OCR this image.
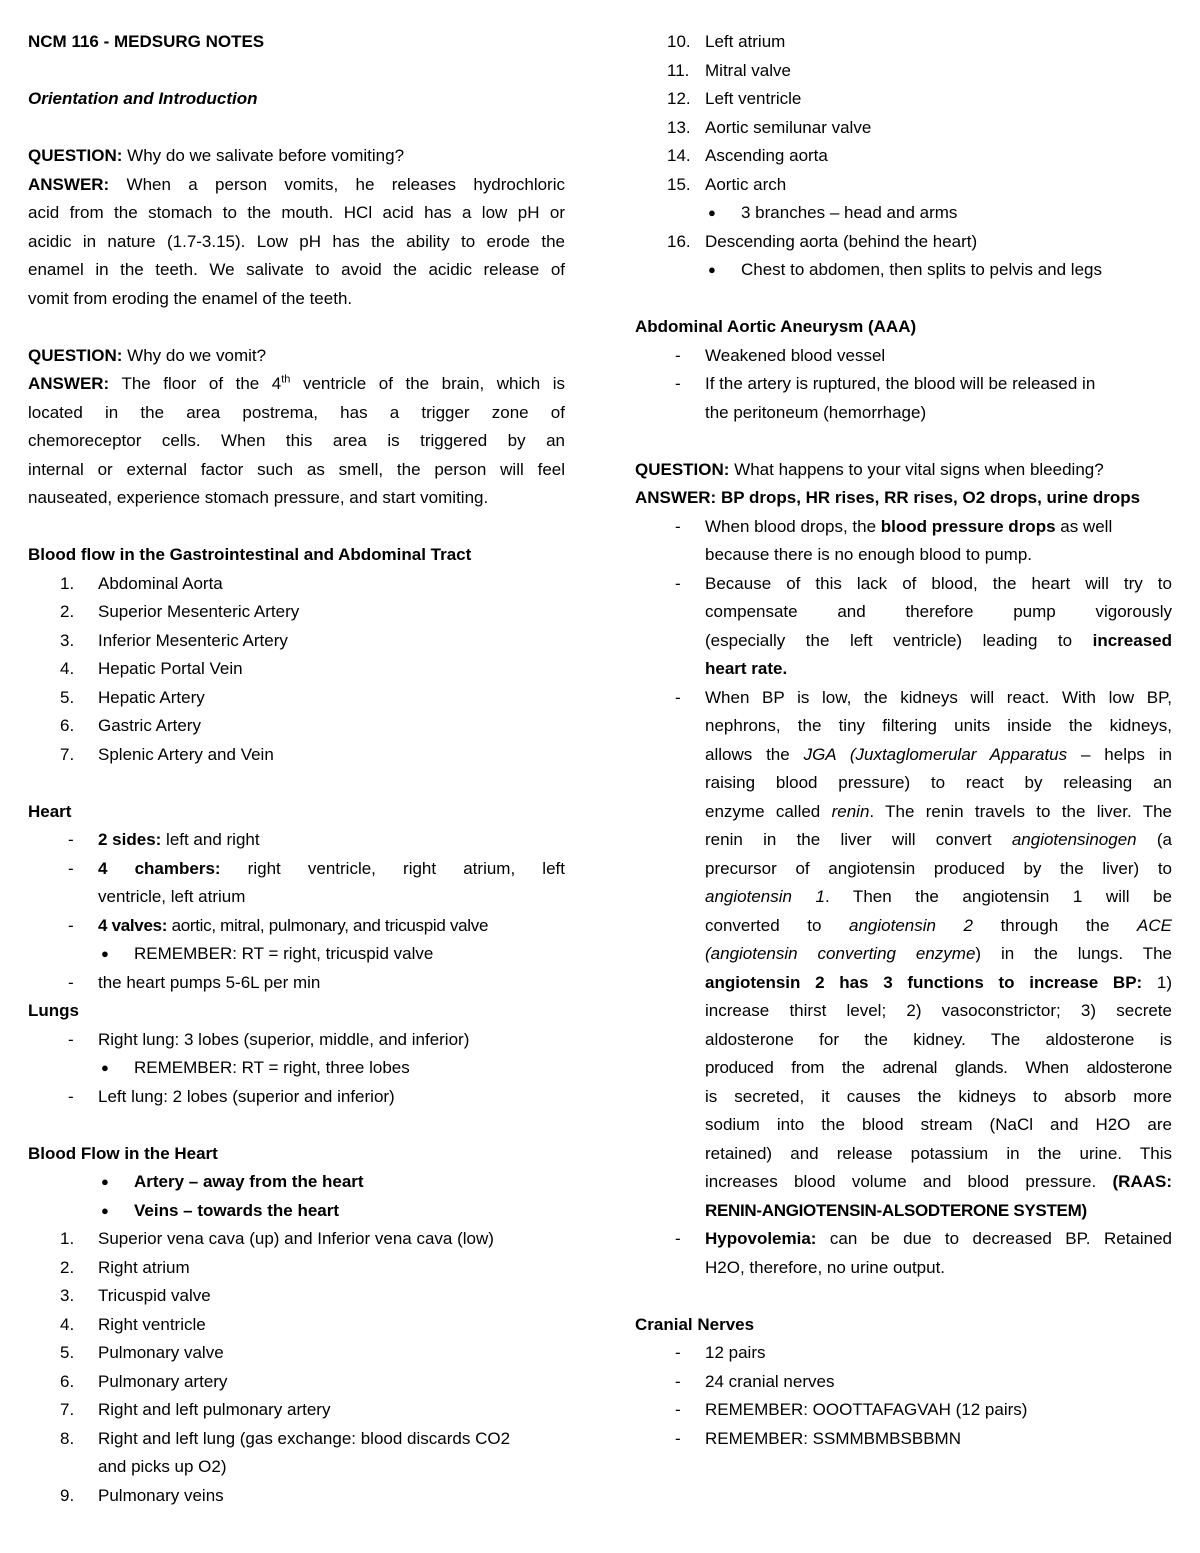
NCM 116 - MEDSURG NOTES
Orientation and Introduction
QUESTION: Why do we salivate before vomiting?
ANSWER: When a person vomits, he releases hydrochloric
acid from the stomach to the mouth. HCl acid has a low pH or
acidic in nature (1.7-3.15). Low pH has the ability to erode the
enamel in the teeth. We salivate to avoid the acidic release of
vomit from eroding the enamel of the teeth.
QUESTION: Why do we vomit?
ANSWER: The floor of the 4th ventricle of the brain, which is
located in the area postrema, has a trigger zone of
chemoreceptor cells. When this area is triggered by an
internal or external factor such as smell, the person will feel
nauseated, experience stomach pressure, and start vomiting.
Blood flow in the Gastrointestinal and Abdominal Tract
1. Abdominal Aorta
2. Superior Mesenteric Artery
3. Inferior Mesenteric Artery
4. Hepatic Portal Vein
5. Hepatic Artery
6. Gastric Artery
7. Splenic Artery and Vein
Heart
- 2 sides: left and right
- 4 chambers: right ventricle, right atrium, left
ventricle, left atrium
- 4 valves: aortic, mitral, pulmonary, and tricuspid valve
● REMEMBER: RT = right, tricuspid valve
- the heart pumps 5-6L per min
Lungs
- Right lung: 3 lobes (superior, middle, and inferior)
● REMEMBER: RT = right, three lobes
- Left lung: 2 lobes (superior and inferior)
Blood Flow in the Heart
● Artery – away from the heart
● Veins – towards the heart
1. Superior vena cava (up) and Inferior vena cava (low)
2. Right atrium
3. Tricuspid valve
4. Right ventricle
5. Pulmonary valve
6. Pulmonary artery
7. Right and left pulmonary artery
8. Right and left lung (gas exchange: blood discards CO2
and picks up O2)
9. Pulmonary veins
10. Left atrium
11. Mitral valve
12. Left ventricle
13. Aortic semilunar valve
14. Ascending aorta
15. Aortic arch
● 3 branches – head and arms
16. Descending aorta (behind the heart)
● Chest to abdomen, then splits to pelvis and legs
Abdominal Aortic Aneurysm (AAA)
- Weakened blood vessel
- If the artery is ruptured, the blood will be released in
the peritoneum (hemorrhage)
QUESTION: What happens to your vital signs when bleeding?
ANSWER: BP drops, HR rises, RR rises, O2 drops, urine drops
- When blood drops, the blood pressure drops as well
because there is no enough blood to pump.
- Because of this lack of blood, the heart will try to
compensate and therefore pump vigorously
(especially the left ventricle) leading to increased
heart rate.
- When BP is low, the kidneys will react. With low BP,
nephrons, the tiny filtering units inside the kidneys,
allows the JGA (Juxtaglomerular Apparatus – helps in
raising blood pressure) to react by releasing an
enzyme called renin. The renin travels to the liver. The
renin in the liver will convert angiotensinogen (a
precursor of angiotensin produced by the liver) to
angiotensin 1. Then the angiotensin 1 will be
converted to angiotensin 2 through the ACE
(angiotensin converting enzyme) in the lungs. The
angiotensin 2 has 3 functions to increase BP: 1)
increase thirst level; 2) vasoconstrictor; 3) secrete
aldosterone for the kidney. The aldosterone is
produced from the adrenal glands. When aldosterone
is secreted, it causes the kidneys to absorb more
sodium into the blood stream (NaCl and H2O are
retained) and release potassium in the urine. This
increases blood volume and blood pressure. (RAAS:
RENIN-ANGIOTENSIN-ALSODTERONE SYSTEM)
- Hypovolemia: can be due to decreased BP. Retained
H2O, therefore, no urine output.
Cranial Nerves
- 12 pairs
- 24 cranial nerves
- REMEMBER: OOOTTAFAGVAH (12 pairs)
- REMEMBER: SSMMBMBSBBMN
